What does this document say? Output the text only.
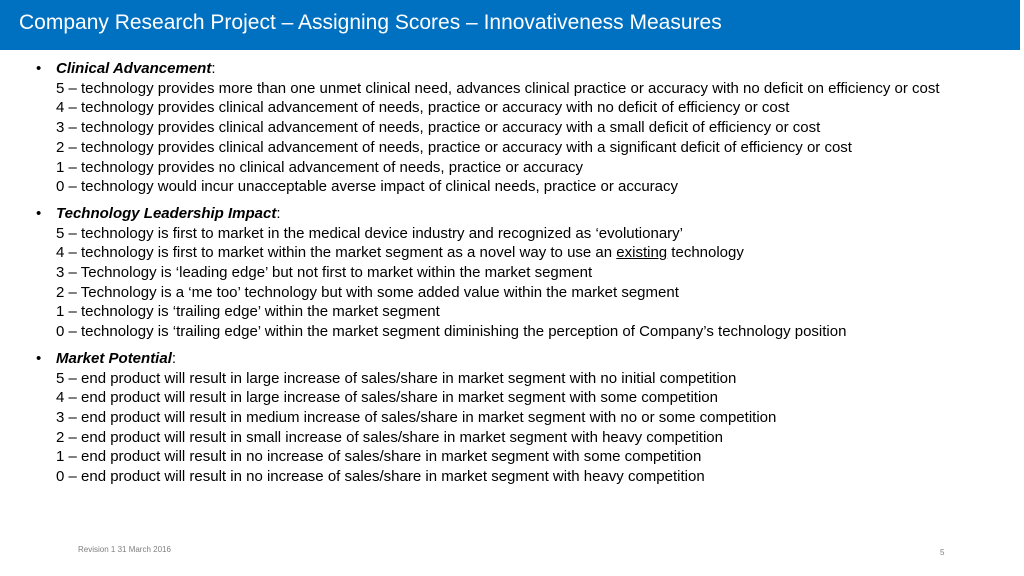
Company Research Project – Assigning Scores – Innovativeness Measures
• Clinical Advancement:
5 – technology provides more than one unmet clinical need, advances clinical practice or accuracy with no deficit on efficiency or cost
4 – technology provides clinical advancement of needs, practice or accuracy with no deficit of efficiency or cost
3 – technology provides clinical advancement of needs, practice or accuracy with a small deficit of efficiency or cost
2 – technology provides clinical advancement of needs, practice or accuracy with a significant deficit of efficiency or cost
1 – technology provides no clinical advancement of needs, practice or accuracy
0 – technology would incur unacceptable averse impact of clinical needs, practice or accuracy
• Technology Leadership Impact:
5 – technology is first to market in the medical device industry and recognized as ‘evolutionary’
4 – technology is first to market within the market segment as a novel way to use an existing technology
3 – Technology is ‘leading edge’ but not first to market within the market segment
2 – Technology is a ‘me too’ technology but with some added value within the market segment
1 – technology is ‘trailing edge’ within the market segment
0 – technology is ‘trailing edge’ within the market segment diminishing the perception of Company’s technology position
• Market Potential:
5 – end product will result in large increase of sales/share in market segment with no initial competition
4 – end product will result in large increase of sales/share in market segment with some competition
3 – end product will result in medium increase of sales/share in market segment with no or some competition
2 – end product will result in small increase of sales/share in market segment with heavy competition
1 – end product will result in no increase of sales/share in market segment with some competition
0 – end product will result in no increase of sales/share in market segment with heavy competition
Revision 1 31 March 2016	5
